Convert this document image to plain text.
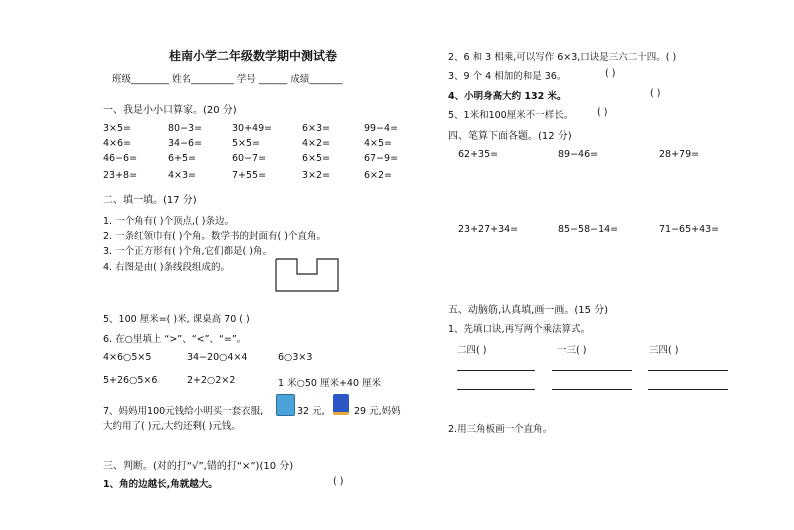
桂南小学二年级数学期中测试卷
班级________ 姓名_________ 学号 ______ 成绩_______
一、我是小小口算家。(20 分)
3×5=	80−3=	30+49=	6×3=	99−4=
4×6=	34−6=	5×5=	4×2=	4×5=
46−6=	6+5=	60−7=	6×5=	67−9=
23+8=	4×3=	7+55=	3×2=	6×2=
二、填一填。(17 分)
1. 一个角有( )个顶点,( )条边。
2. 一条红领巾有( )个角。数学书的封面有( )个直角。
3. 一个正方形有( )个角,它们都是( )角。
4. 右图是由( )条线段组成的。
5、100 厘米=( )米, 课桌高 70 ( )
6. 在○里填上 “>”、“<”、“=”。
4×6○5×5	34−20○4×4	6○3×3
5+26○5×6	2+2○2×2	1 米○50 厘米+40 厘米
7、妈妈用100元钱给小明买一套衣服,	32 元,	29 元,妈妈
大约用了( )元,大约还剩( )元钱。
三、判断。(对的打“√”,错的打“×”)(10 分)
1、角的边越长,角就越大。	( )
2、6 和 3 相乘,可以写作 6×3,口诀是三六二十四。( )
3、9 个 4 相加的和是 36。	( )
4、小明身高大约 132 米。	( )
5、1米和100厘米不一样长。	( )
四、笔算下面各题。(12 分)
62+35=	89−46=	28+79=
23+27+34=	85−58−14=	71−65+43=
五、动脑筋,认真填,画一画。(15 分)
1、先填口诀,再写两个乘法算式。
二四( )	一三( )	三四( )
2.用三角板画一个直角。
